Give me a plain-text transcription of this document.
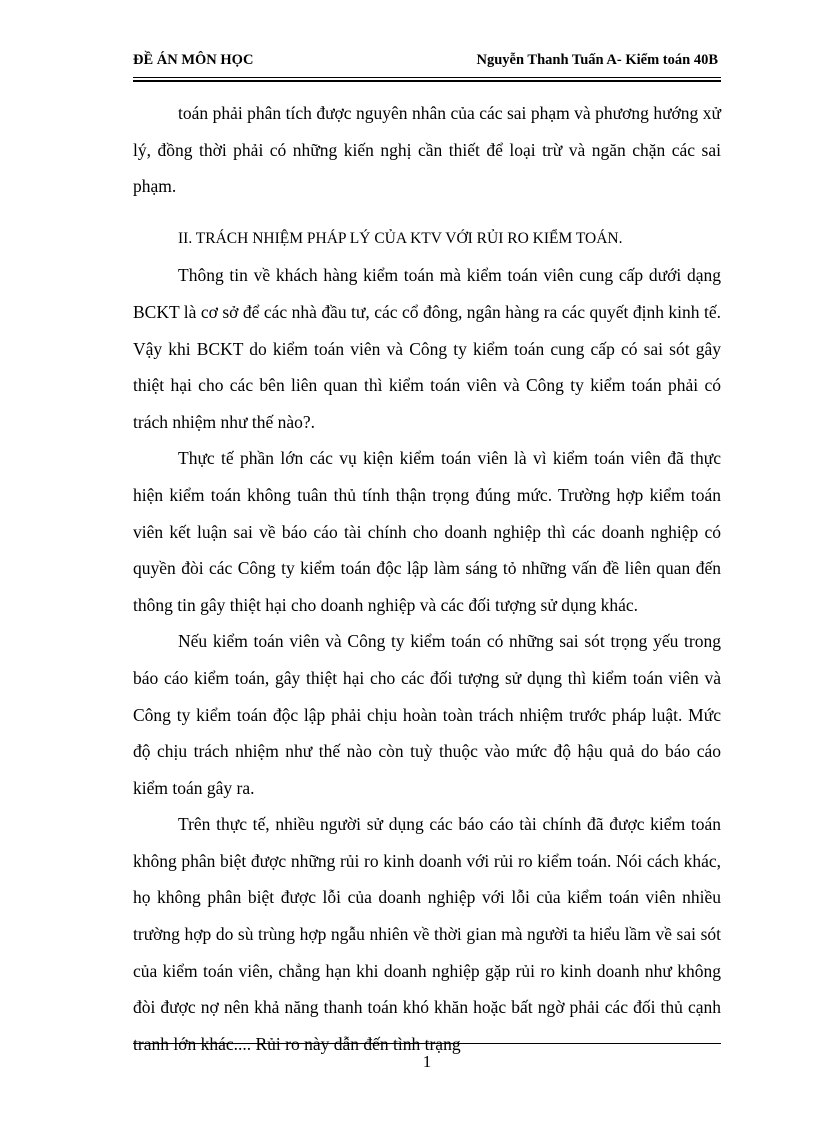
ĐỀ ÁN MÔN HỌC	Nguyễn Thanh Tuấn A- Kiểm toán 40B

toán phải phân tích được nguyên nhân của các sai phạm và phương hướng xử lý, đồng thời phải có những kiến nghị cần thiết để loại trừ và ngăn chặn các sai phạm.

II. TRÁCH NHIỆM PHÁP LÝ CỦA KTV VỚI RỦI RO KIỂM TOÁN.

Thông tin về khách hàng kiểm toán mà kiểm toán viên cung cấp dưới dạng BCKT là cơ sở để các nhà đầu tư, các cổ đông, ngân hàng ra các quyết định kinh tế. Vậy khi BCKT do kiểm toán viên và Công ty kiểm toán cung cấp có sai sót gây thiệt hại cho các bên liên quan thì kiểm toán viên và Công ty kiểm toán phải có trách nhiệm như thế nào?.

Thực tế phần lớn các vụ kiện kiểm toán viên là vì kiểm toán viên đã thực hiện kiểm toán không tuân thủ tính thận trọng đúng mức. Trường hợp kiểm toán viên kết luận sai về báo cáo tài chính cho doanh nghiệp thì các doanh nghiệp có quyền đòi các Công ty kiểm toán độc lập làm sáng tỏ những vấn đề liên quan đến thông tin gây thiệt hại cho doanh nghiệp và các đối tượng sử dụng khác.

Nếu kiểm toán viên và Công ty kiểm toán có những sai sót trọng yếu trong báo cáo kiểm toán, gây thiệt hại cho các đối tượng sử dụng thì kiểm toán viên và Công ty kiểm toán độc lập phải chịu hoàn toàn trách nhiệm trước pháp luật. Mức độ chịu trách nhiệm như thế nào còn tuỳ thuộc vào mức độ hậu quả do báo cáo kiểm toán gây ra.

Trên thực tế, nhiều người sử dụng các báo cáo tài chính đã được kiểm toán không phân biệt được những rủi ro kinh doanh với rủi ro kiểm toán. Nói cách khác, họ không phân biệt được lỗi của doanh nghiệp với lỗi của kiểm toán viên nhiều trường hợp do sù trùng hợp ngẫu nhiên về thời gian mà người ta hiểu lầm về sai sót của kiểm toán viên, chẳng hạn khi doanh nghiệp gặp rủi ro kinh doanh như không đòi được nợ nên khả năng thanh toán khó khăn hoặc bất ngờ phải các đối thủ cạnh tranh lớn khác.... Rủi ro này dẫn đến tình trạng

1
